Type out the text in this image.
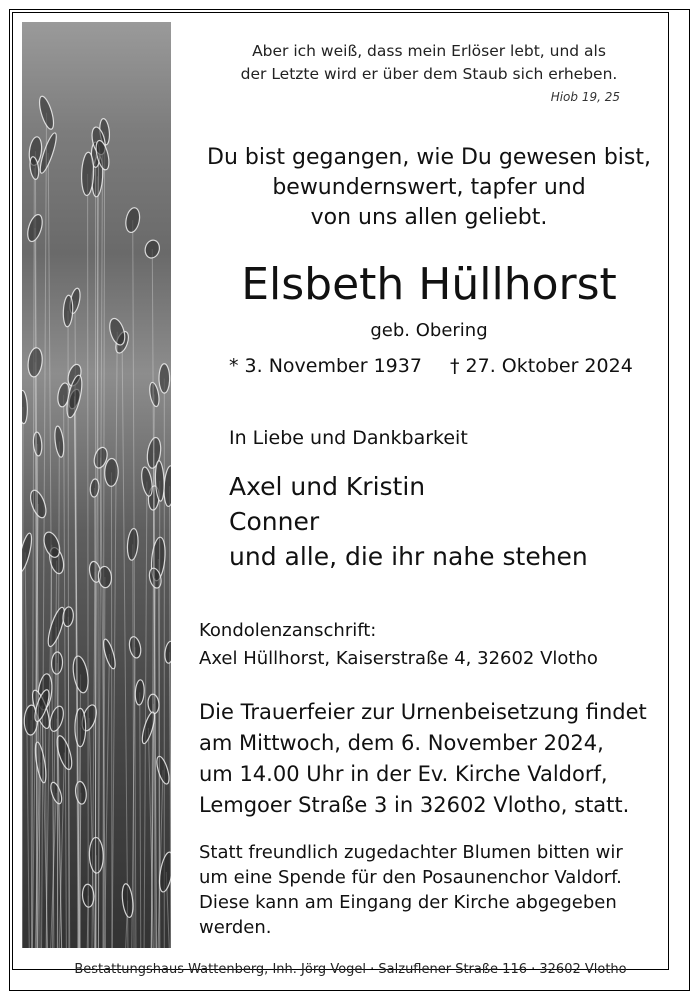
Aber ich weiß, dass mein Erlöser lebt, und als
der Letzte wird er über dem Staub sich erheben.
Hiob 19, 25
Du bist gegangen, wie Du gewesen bist,
bewundernswert, tapfer und
von uns allen geliebt.
Elsbeth Hüllhorst
geb. Obering
* 3. November 1937 † 27. Oktober 2024
In Liebe und Dankbarkeit
Axel und Kristin
Conner
und alle, die ihr nahe stehen
Kondolenzanschrift:
Axel Hüllhorst, Kaiserstraße 4, 32602 Vlotho
Die Trauerfeier zur Urnenbeisetzung findet
am Mittwoch, dem 6. November 2024,
um 14.00 Uhr in der Ev. Kirche Valdorf,
Lemgoer Straße 3 in 32602 Vlotho, statt.
Statt freundlich zugedachter Blumen bitten wir
um eine Spende für den Posaunenchor Valdorf.
Diese kann am Eingang der Kirche abgegeben
werden.
Bestattungshaus Wattenberg, Inh. Jörg Vogel · Salzuflener Straße 116 · 32602 Vlotho
